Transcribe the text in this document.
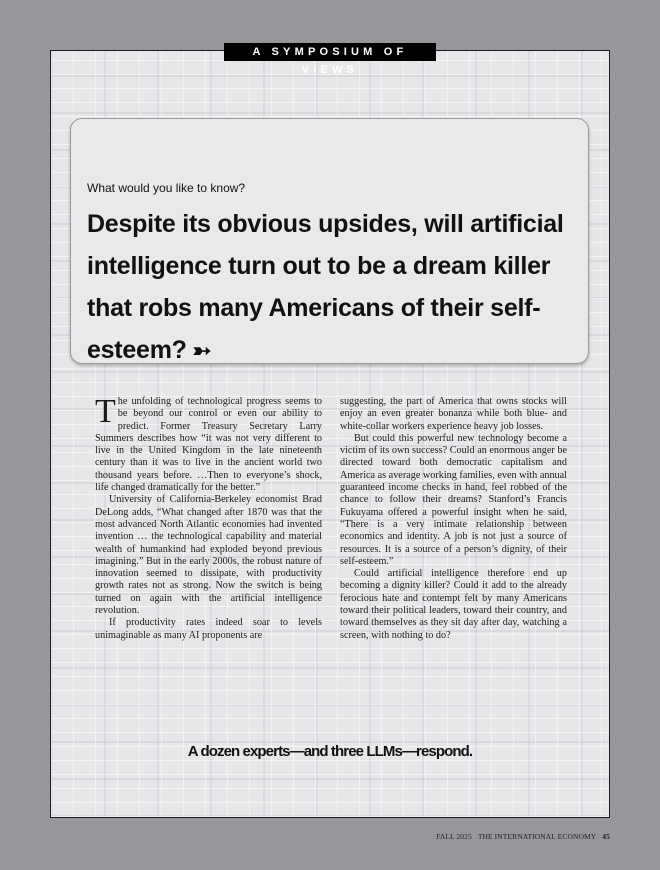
A SYMPOSIUM OF VIEWS
What would you like to know?
Despite its obvious upsides, will artificial intelligence turn out to be a dream killer that robs many Americans of their self-esteem? ➳

The unfolding of technological progress seems to be beyond our control or even our ability to predict. Former Treasury Secretary Larry Summers describes how “it was not very different to live in the United Kingdom in the late nineteenth century than it was to live in the ancient world two thousand years before. …Then to everyone’s shock, life changed dramatically for the better.”

University of California-Berkeley economist Brad DeLong adds, “What changed after 1870 was that the most advanced North Atlantic economies had invented invention … the technological capability and material wealth of humankind had exploded beyond previous imagining.” But in the early 2000s, the robust nature of innovation seemed to dissipate, with productivity growth rates not as strong. Now the switch is being turned on again with the artificial intelligence revolution.

If productivity rates indeed soar to levels unimaginable as many AI proponents are

suggesting, the part of America that owns stocks will enjoy an even greater bonanza while both blue- and white-collar workers experience heavy job losses.

But could this powerful new technology become a victim of its own success? Could an enormous anger be directed toward both democratic capitalism and America as average working families, even with annual guaranteed income checks in hand, feel robbed of the chance to follow their dreams? Stanford’s Francis Fukuyama offered a powerful insight when he said, “There is a very intimate relationship between economics and identity. A job is not just a source of resources. It is a source of a person’s dignity, of their self-esteem.”

Could artificial intelligence therefore end up becoming a dignity killer? Could it add to the already ferocious hate and contempt felt by many Americans toward their political leaders, toward their country, and toward themselves as they sit day after day, watching a screen, with nothing to do?

A dozen experts—and three LLMs—respond.
FALL 2025 THE INTERNATIONAL ECONOMY 45
